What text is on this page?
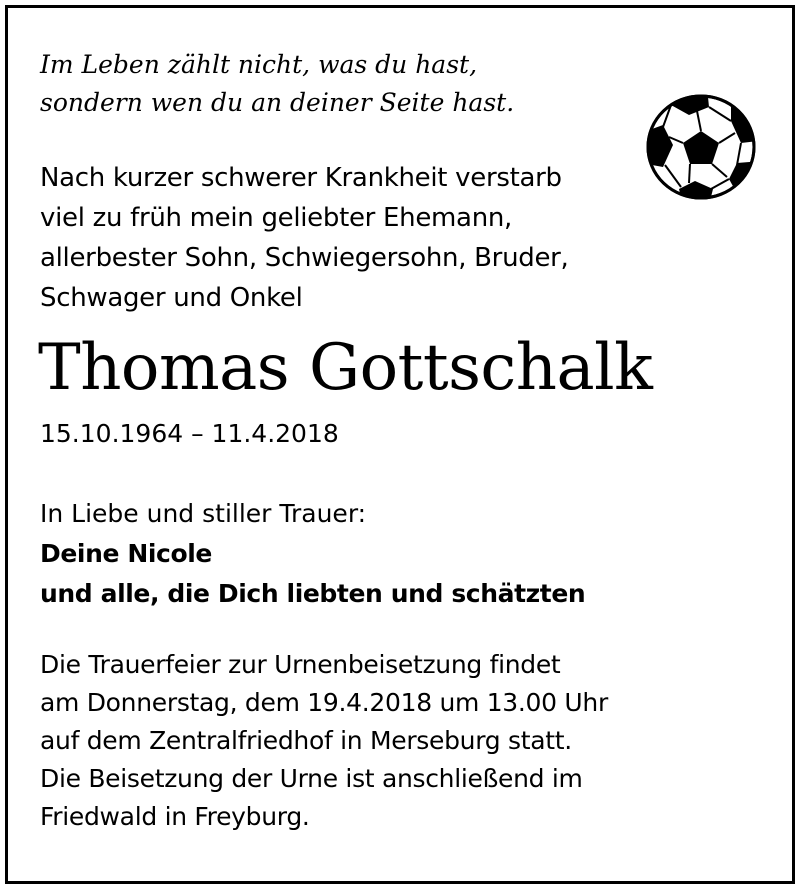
Im Leben zählt nicht, was du hast,
sondern wen du an deiner Seite hast.
Nach kurzer schwerer Krankheit verstarb
viel zu früh mein geliebter Ehemann,
allerbester Sohn, Schwiegersohn, Bruder,
Schwager und Onkel
Thomas Gottschalk
15.10.1964 – 11.4.2018
In Liebe und stiller Trauer:
Deine Nicole
und alle, die Dich liebten und schätzten
Die Trauerfeier zur Urnenbeisetzung findet
am Donnerstag, dem 19.4.2018 um 13.00 Uhr
auf dem Zentralfriedhof in Merseburg statt.
Die Beisetzung der Urne ist anschließend im
Friedwald in Freyburg.
